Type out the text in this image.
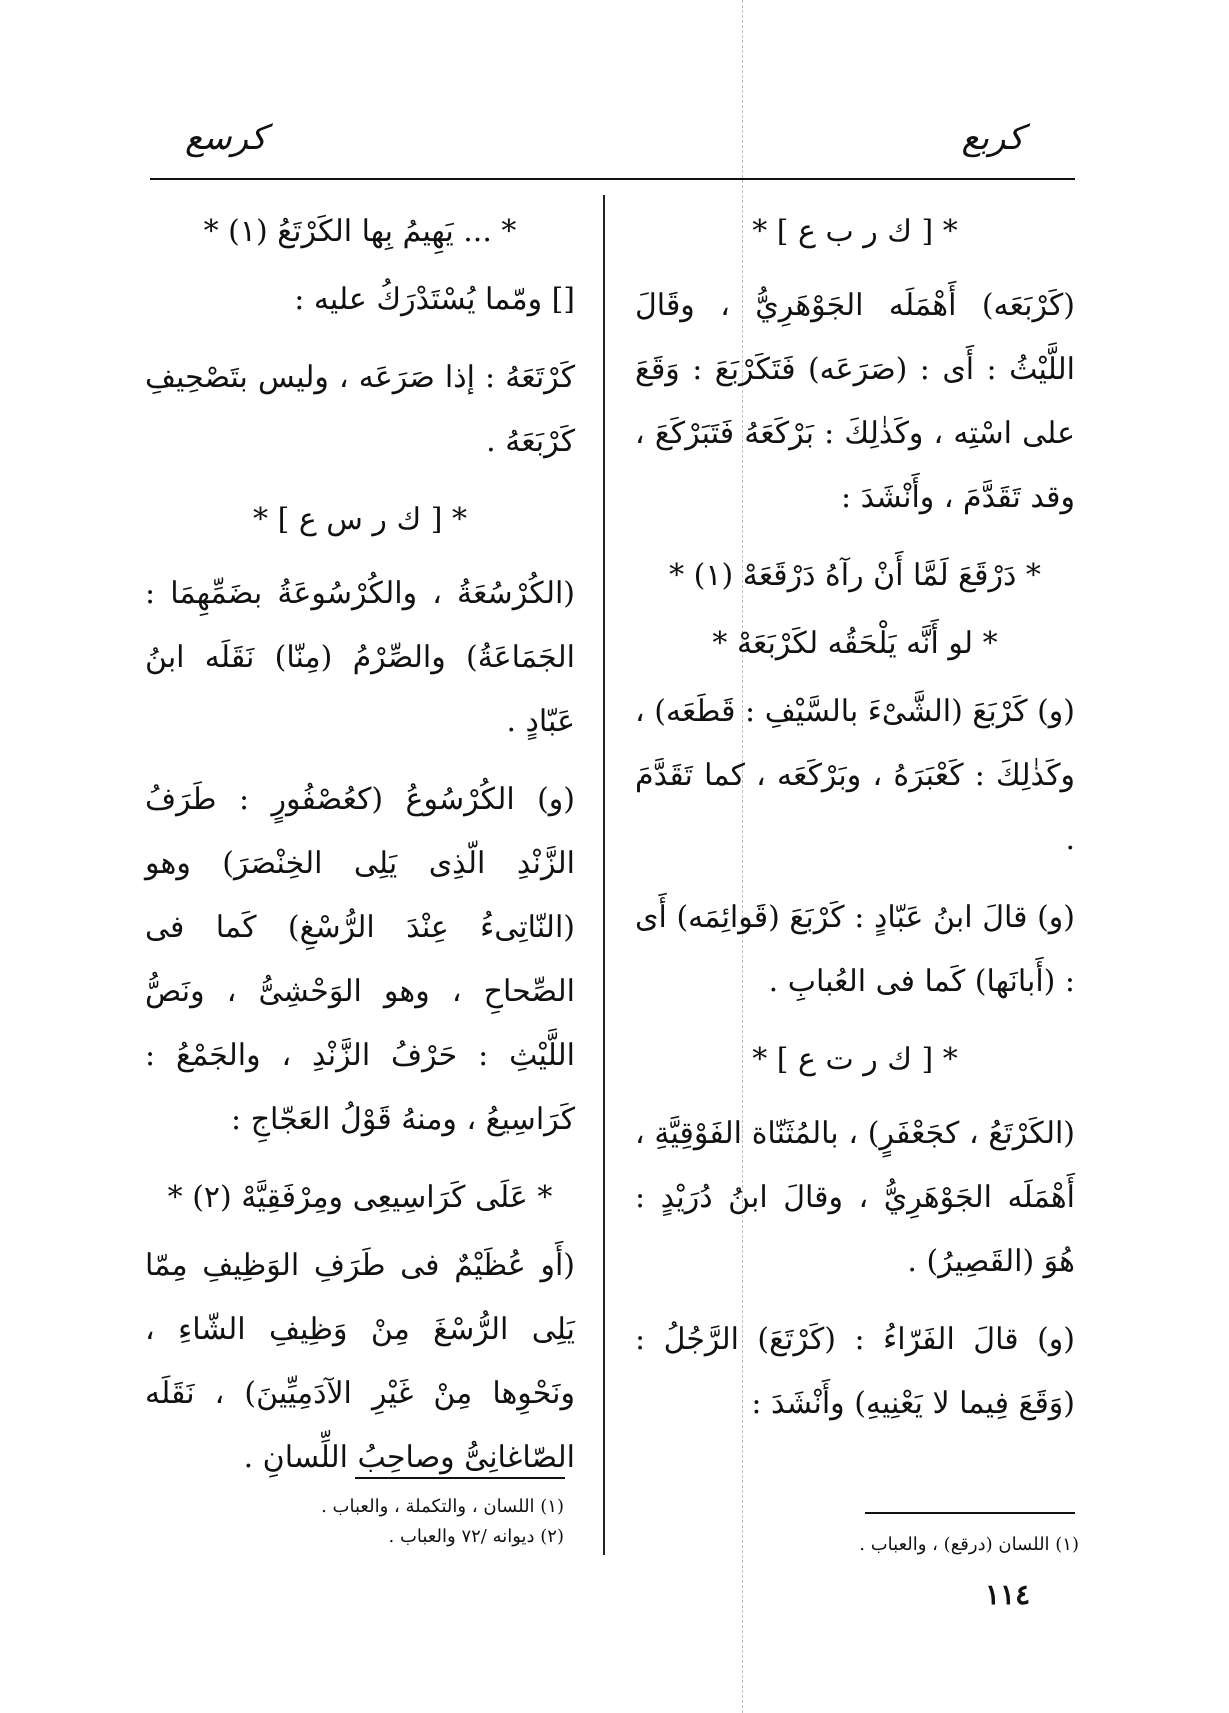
كربع
كرسع

* [ ك ر ب ع ] *

(كَرْبَعَه) أَهْمَلَه الجَوْهَرِيُّ ، وقَالَ اللَّيْثُ : أَى : (صَرَعَه) فَتَكَرْبَعَ : وَقَعَ على اسْتِه ، وكَذٰلِكَ : بَرْكَعَهُ فَتَبَرْكَعَ ، وقد تَقَدَّمَ ، وأَنْشَدَ :

* دَرْقَعَ لَمَّا أَنْ رآهُ دَرْقَعَهْ (١) *

* لو أَنَّه يَلْحَقُه لكَرْبَعَهْ *

(و) كَرْبَعَ (الشَّىْءَ بالسَّيْفِ : قَطَعَه) ، وكَذٰلِكَ : كَعْبَرَهُ ، وبَرْكَعَه ، كما تَقَدَّمَ .

(و) قالَ ابنُ عَبّادٍ : كَرْبَعَ (قَوائِمَه) أَى : (أَبانَها) كَما فى العُبابِ .

* [ ك ر ت ع ] *

(الكَرْتَعُ ، كجَعْفَرٍ) ، بالمُثَنّاة الفَوْقِيَّةِ ، أَهْمَلَه الجَوْهَرِيُّ ، وقالَ ابنُ دُرَيْدٍ : هُوَ (القَصِيرُ) .

(و) قالَ الفَرّاءُ : (كَرْتَعَ) الرَّجُلُ : (وَقَعَ فِيما لا يَعْنِيهِ) وأَنْشَدَ :

* ... يَهِيمُ بِها الكَرْتَعُ (١) *

[] ومّما يُسْتَدْرَكُ عليه :

كَرْتَعَهُ : إذا صَرَعَه ، وليس بتَصْحِيفِ كَرْبَعَهُ .

* [ ك ر س ع ] *

(الكُرْسُعَةُ ، والكُرْسُوعَةُ بضَمِّهِمَا : الجَمَاعَةُ) والصِّرْمُ (مِنّا) نَقَلَه ابنُ عَبّادٍ .

(و) الكُرْسُوعُ (كعُصْفُورٍ : طَرَفُ الزَّنْدِ الّذِى يَلِى الخِنْصَرَ) وهو (النّاتِىءُ عِنْدَ الرُّسْغِ) كَما فى الصِّحاحِ ، وهو الوَحْشِىُّ ، ونَصُّ اللَّيْثِ : حَرْفُ الزَّنْدِ ، والجَمْعُ : كَرَاسِيعُ ، ومنهُ قَوْلُ العَجّاجِ :

* عَلَى كَرَاسِيعِى ومِرْفَقِيَّهْ (٢) *

(أَو عُظَيْمٌ فى طَرَفِ الوَظِيفِ مِمّا يَلِى الرُّسْغَ مِنْ وَظِيفِ الشّاءِ ، ونَحْوِها مِنْ غَيْرِ الآدَمِيِّينَ) ، نَقَلَه الصّاغانِىُّ وصاحِبُ اللِّسانِ .

(١) اللسان (درقع) ، والعباب .
(١) اللسان ، والتكملة ، والعباب .
(٢) ديوانه /٧٢ والعباب .
١١٤
